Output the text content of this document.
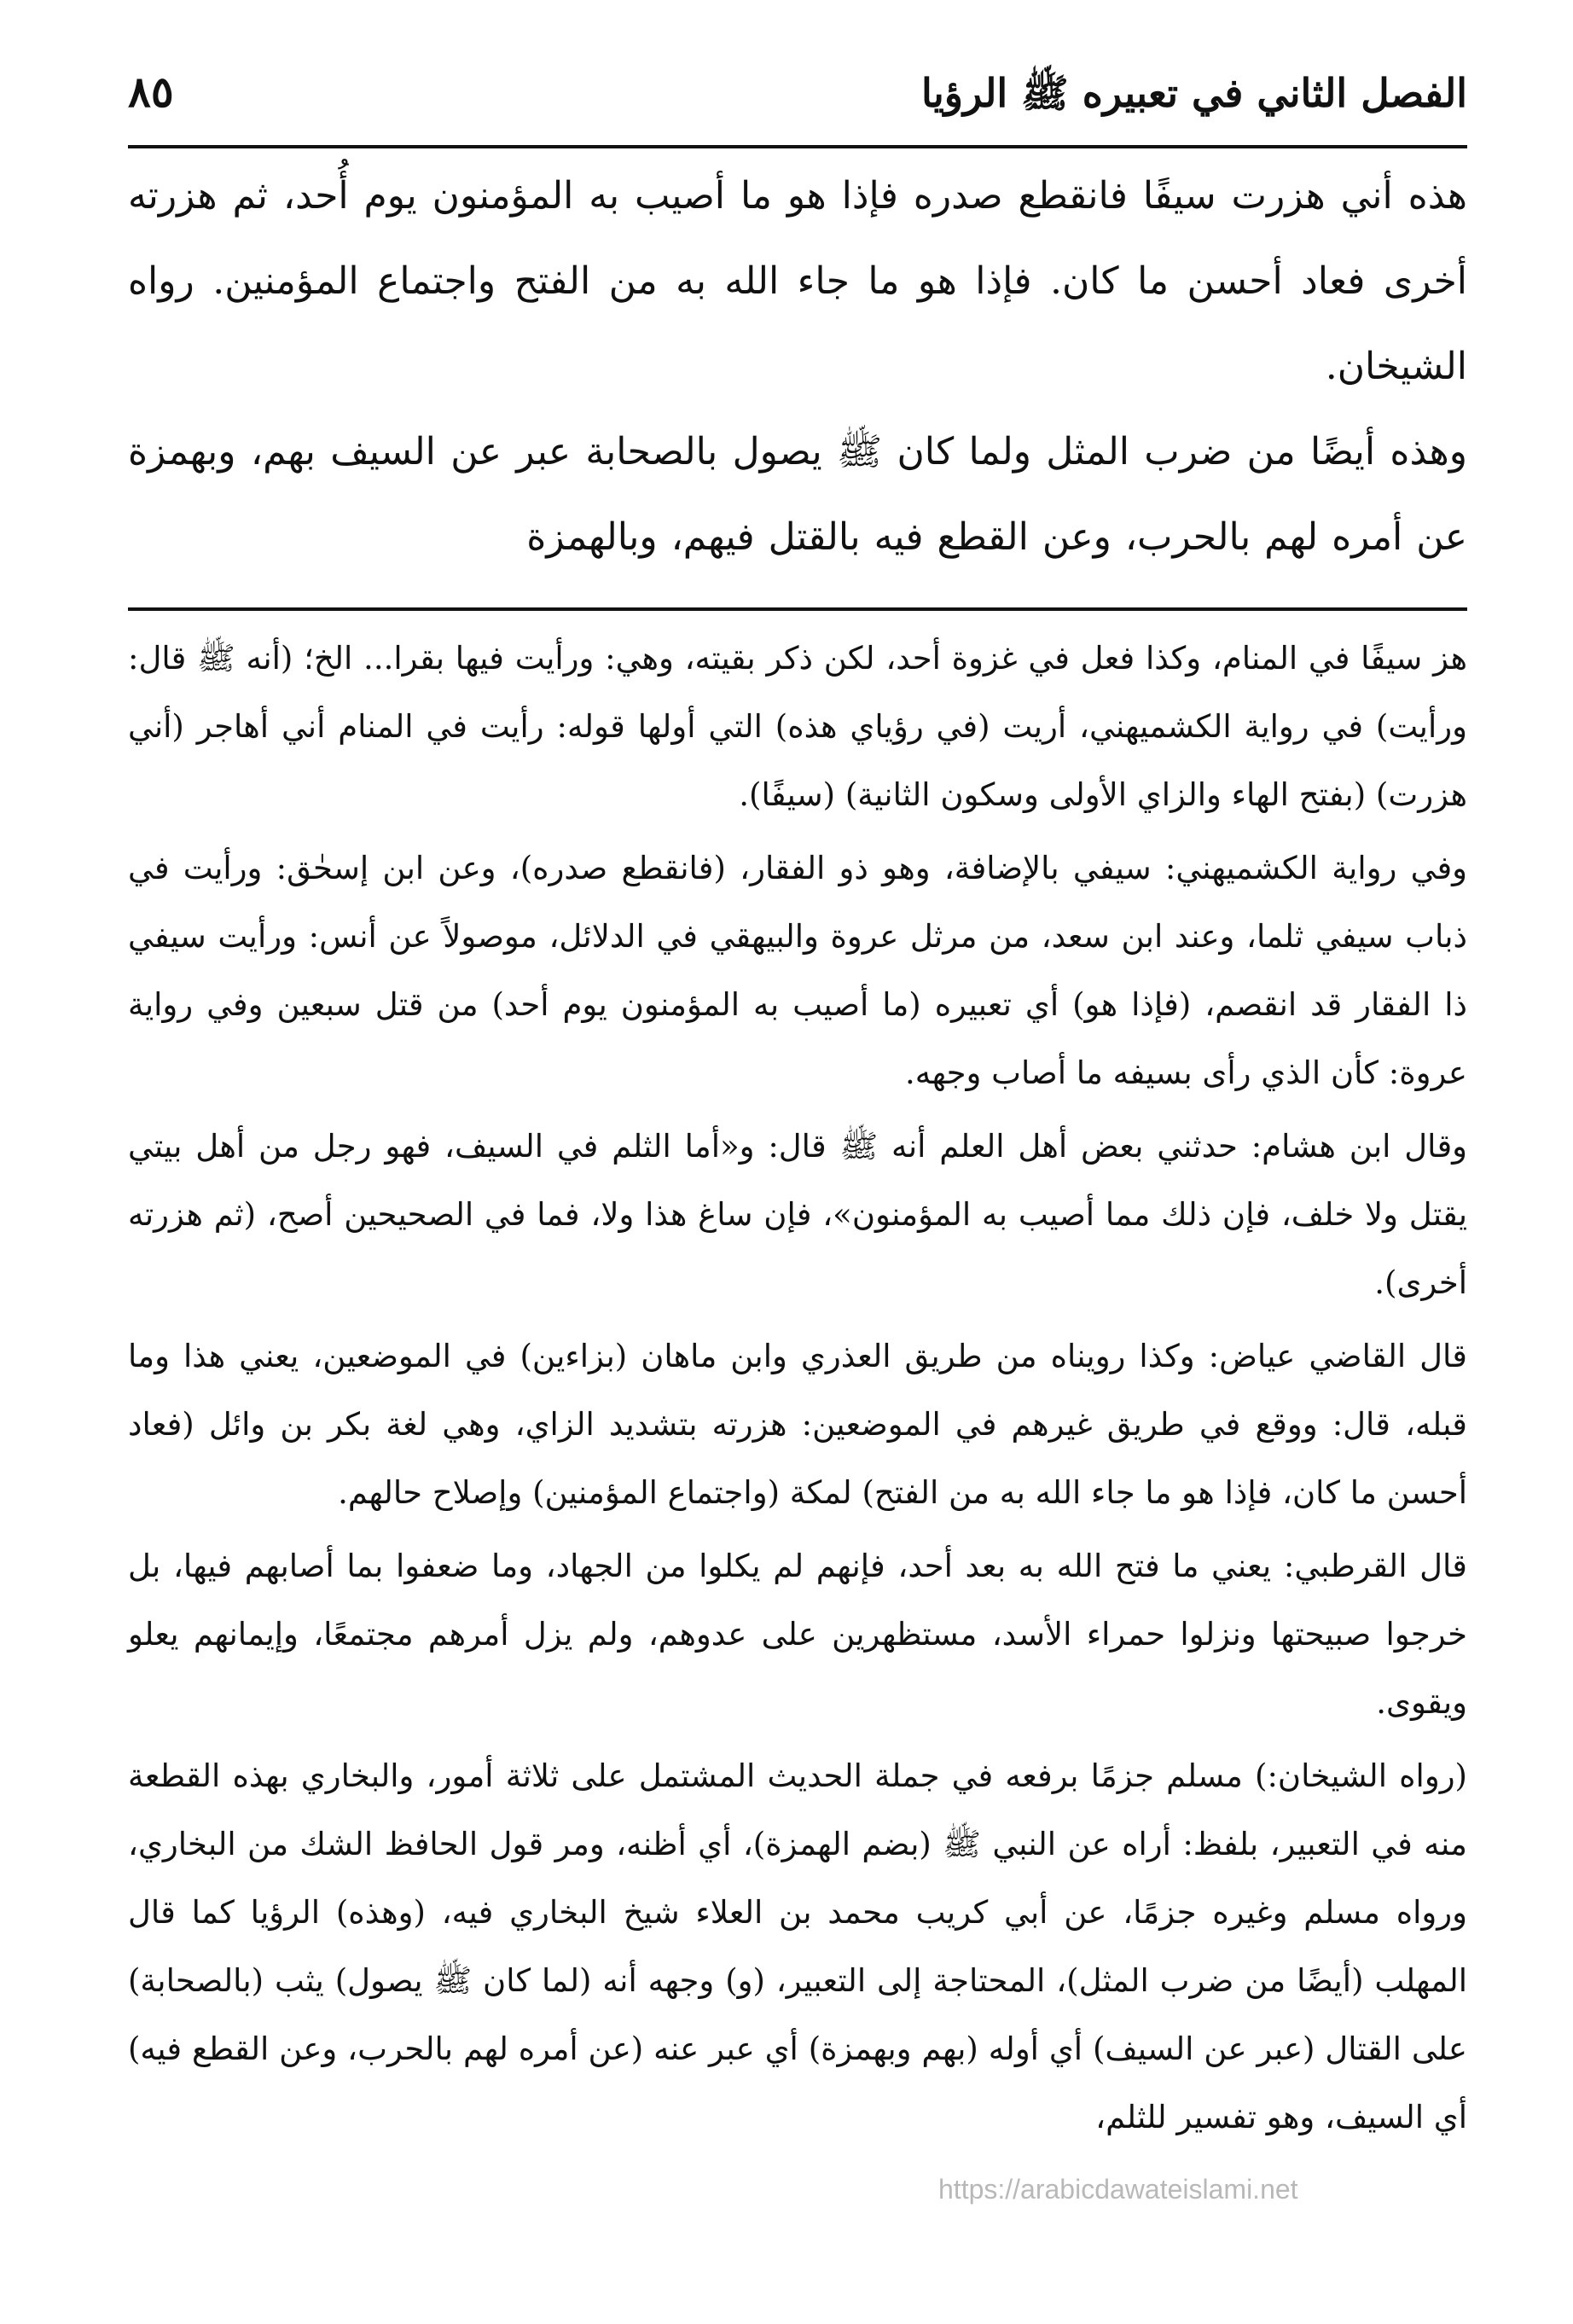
الفصل الثاني في تعبيره ﷺ الرؤيا
٨٥

هذه أني هزرت سيفًا فانقطع صدره فإذا هو ما أصيب به المؤمنون يوم أُحد، ثم هزرته أخرى فعاد أحسن ما كان. فإذا هو ما جاء الله به من الفتح واجتماع المؤمنين. رواه الشيخان.

وهذه أيضًا من ضرب المثل ولما كان ﷺ يصول بالصحابة عبر عن السيف بهم، وبهمزة عن أمره لهم بالحرب، وعن القطع فيه بالقتل فيهم، وبالهمزة

هز سيفًا في المنام، وكذا فعل في غزوة أحد، لكن ذكر بقيته، وهي: ورأيت فيها بقرا... الخ؛ (أنه ﷺ قال: ورأيت) في رواية الكشميهني، أريت (في رؤياي هذه) التي أولها قوله: رأيت في المنام أني أهاجر (أني هزرت) (بفتح الهاء والزاي الأولى وسكون الثانية) (سيفًا).

وفي رواية الكشميهني: سيفي بالإضافة، وهو ذو الفقار، (فانقطع صدره)، وعن ابن إسحٰق: ورأيت في ذباب سيفي ثلما، وعند ابن سعد، من مرثل عروة والبيهقي في الدلائل، موصولاً عن أنس: ورأيت سيفي ذا الفقار قد انقصم، (فإذا هو) أي تعبيره (ما أصيب به المؤمنون يوم أحد) من قتل سبعين وفي رواية عروة: كأن الذي رأى بسيفه ما أصاب وجهه.

وقال ابن هشام: حدثني بعض أهل العلم أنه ﷺ قال: و«أما الثلم في السيف، فهو رجل من أهل بيتي يقتل ولا خلف، فإن ذلك مما أصيب به المؤمنون»، فإن ساغ هذا ولا، فما في الصحيحين أصح، (ثم هزرته أخرى).

قال القاضي عياض: وكذا رويناه من طريق العذري وابن ماهان (بزاءين) في الموضعين، يعني هذا وما قبله، قال: ووقع في طريق غيرهم في الموضعين: هزرته بتشديد الزاي، وهي لغة بكر بن وائل (فعاد أحسن ما كان، فإذا هو ما جاء الله به من الفتح) لمكة (واجتماع المؤمنين) وإصلاح حالهم.

قال القرطبي: يعني ما فتح الله به بعد أحد، فإنهم لم يكلوا من الجهاد، وما ضعفوا بما أصابهم فيها، بل خرجوا صبيحتها ونزلوا حمراء الأسد، مستظهرين على عدوهم، ولم يزل أمرهم مجتمعًا، وإيمانهم يعلو ويقوى.

(رواه الشيخان:) مسلم جزمًا برفعه في جملة الحديث المشتمل على ثلاثة أمور، والبخاري بهذه القطعة منه في التعبير، بلفظ: أراه عن النبي ﷺ (بضم الهمزة)، أي أظنه، ومر قول الحافظ الشك من البخاري، ورواه مسلم وغيره جزمًا، عن أبي كريب محمد بن العلاء شيخ البخاري فيه، (وهذه) الرؤيا كما قال المهلب (أيضًا من ضرب المثل)، المحتاجة إلى التعبير، (و) وجهه أنه (لما كان ﷺ يصول) يثب (بالصحابة) على القتال (عبر عن السيف) أي أوله (بهم وبهمزة) أي عبر عنه (عن أمره لهم بالحرب، وعن القطع فيه) أي السيف، وهو تفسير للثلم،

https://arabicdawateislami.net
